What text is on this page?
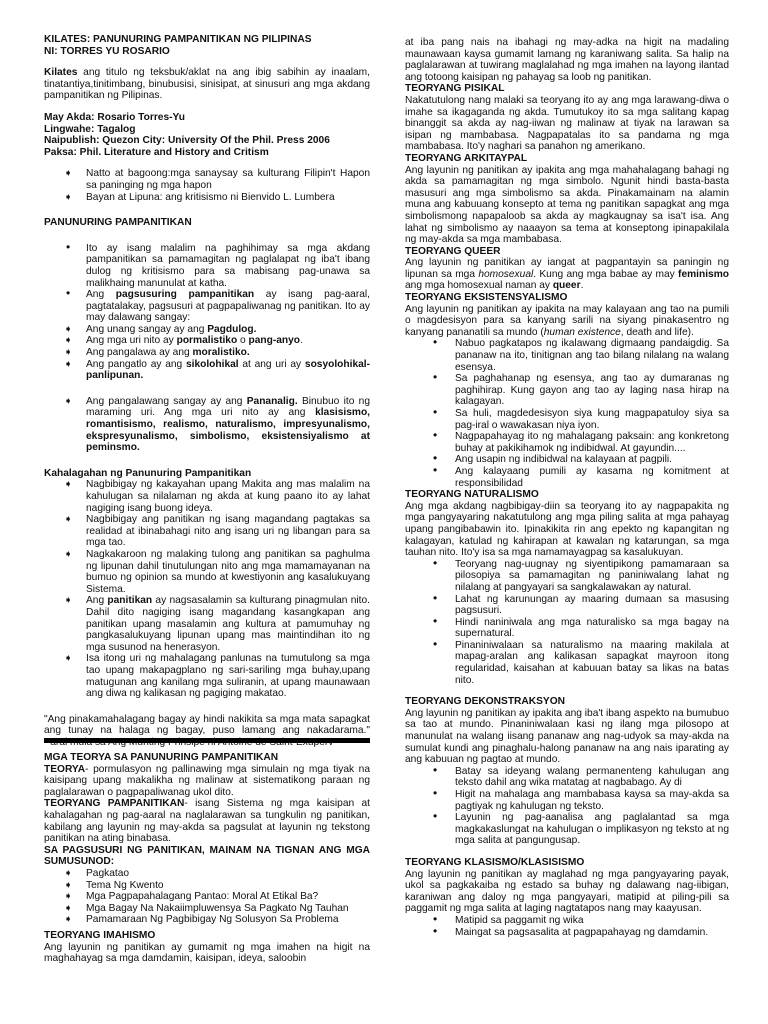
KILATES: PANUNURING PAMPANITIKAN NG PILIPINAS

NI: TORRES YU ROSARIO

Kilates ang titulo ng teksbuk/aklat na ang ibig sabihin ay inaalam, tinatantiya,tinitimbang, binubusisi, sinisipat, at sinusuri ang mga akdang pampanitikan ng Pilipinas.

May Akda: Rosario Torres-Yu

Lingwahe: Tagalog

Naipublish: Quezon City: University Of the Phil. Press 2006

Paksa: Phil. Literature and History and Critism

➧ Natto at bagoong:mga sanaysay sa kulturang Filipin't Hapon sa paninging ng mga hapon
➧ Bayan at Lipuna: ang kritisismo ni Bienvido L. Lumbera

PANUNURING PAMPANITIKAN

• Ito ay isang malalim na paghihimay sa mga akdang pampanitikan sa pamamagitan ng paglalapat ng iba't ibang dulog ng kritisismo para sa mabisang pag-unawa sa malikhaing manunulat at katha.
• Ang pagsusuring pampanitikan ay isang pag-aaral, pagtatalakay, pagsusuri at pagpapaliwanag ng panitikan. Ito ay may dalawang sangay:
➧ Ang unang sangay ay ang Pagdulog.
➧ Ang mga uri nito ay pormalistiko o pang-anyo.
➧ Ang pangalawa ay ang moralistiko.
➧ Ang pangatlo ay ang sikolohikal at ang uri ay sosyolohikal-panlipunan.
➧ Ang pangalawang sangay ay ang Pananalig. Binubuo ito ng maraming uri. Ang mga uri nito ay ang klasisismo, romantisismo, realismo, naturalismo, impresyunalismo, ekspresyunalismo, simbolismo, eksistensiyalismo at peminsmo.

Kahalagahan ng Panunuring Pampanitikan

➧ Nagbibigay ng kakayahan upang Makita ang mas malalim na kahulugan sa nilalaman ng akda at kung paano ito ay lahat nagiging isang buong ideya.
➧ Nagbibigay ang panitikan ng isang magandang pagtakas sa realidad at ibinabahagi nito ang isang uri ng libangan para sa mga tao.
➧ Nagkakaroon ng malaking tulong ang panitikan sa paghulma ng lipunan dahil tinutulungan nito ang mga mamamayanan na bumuo ng opinion sa mundo at kwestiyonin ang kasalukuyang Sistema.
➧ Ang panitikan ay nagsasalamin sa kulturang pinagmulan nito. Dahil dito nagiging isang magandang kasangkapan ang panitikan upang masalamin ang kultura at pamumuhay ng pangkasalukuyang lipunan upang mas maintindihan ito ng mga susunod na henerasyon.
➧ Isa itong uri ng mahalagang panlunas na tumutulong sa mga tao upang makapagplano ng sari-sariling mga buhay,upang matugunan ang kanilang mga suliranin, at upang maunawaan ang diwa ng kalikasan ng pagiging makatao.

"Ang pinakamahalagang bagay ay hindi nakikita sa mga mata sapagkat ang tunay na halaga ng bagay, puso lamang ang nakadarama."

MGA TEORYA SA PANUNURING PAMPANITIKAN

TEORYA- pormulasyon ng pallinawing mga simulain ng mga tiyak na kaisipang upang makalikha ng malinaw at sistematikong paraan ng paglalarawan o pagpapaliwanag ukol dito.

TEORYANG PAMPANITIKAN- isang Sistema ng mga kaisipan at kahalagahan ng pag-aaral na naglalarawan sa tungkulin ng panitikan, kabilang ang layunin ng may-akda sa pagsulat at layunin ng tekstong panitikan na ating binabasa.

SA PAGSUSURI NG PANITIKAN, MAINAM NA TIGNAN ANG MGA SUMUSUNOD:

➧ Pagkatao
➧ Tema Ng Kwento
➧ Mga Pagpapahalagang Pantao: Moral At Etikal Ba?
➧ Mga Bagay Na Nakaiimpluwensya Sa Pagkato Ng Tauhan
➧ Pamamaraan Ng Pagbibigay Ng Solusyon Sa Problema

TEORYANG IMAHISMO

Ang layunin ng panitikan ay gumamit ng mga imahen na higit na maghahayag sa mga damdamin, kaisipan, ideya, saloobin

at iba pang nais na ibahagi ng may-adka na higit na madaling maunawaan kaysa gumamit lamang ng karaniwang salita. Sa halip na paglalarawan at tuwirang maglalahad ng mga imahen na layong ilantad ang totoong kaisipan ng pahayag sa loob ng panitikan.

TEORYANG PISIKAL

Nakatutulong nang malaki sa teoryang ito ay ang mga larawang-diwa o imahe sa ikagaganda ng akda. Tumutukoy ito sa mga salitang kapag binanggit sa akda ay nag-iiwan ng malinaw at tiyak na larawan sa isipan ng mambabasa. Nagpapatalas ito sa pandama ng mga mambabasa. Ito'y naghari sa panahon ng amerikano.

TEORYANG ARKITAYPAL

Ang layunin ng panitikan ay ipakita ang mga mahahalagang bahagi ng akda sa pamamagitan ng mga simbolo. Ngunit hindi basta-basta masusuri ang mga simbolismo sa akda. Pinakamainam na alamin muna ang kabuuang konsepto at tema ng panitikan sapagkat ang mga simbolismong napapaloob sa akda ay magkaugnay sa isa't isa. Ang lahat ng simbolismo ay naaayon sa tema at konseptong ipinapakilala ng may-akda sa mga mambabasa.

TEORYANG QUEER

Ang layunin ng panitikan ay iangat at pagpantayin sa paningin ng lipunan sa mga homosexual. Kung ang mga babae ay may feminismo ang mga homosexual naman ay queer.

TEORYANG EKSISTENSYALISMO

Ang layunin ng panitikan ay ipakita na may kalayaan ang tao na pumili o magdesisyon para sa kanyang sarili na siyang pinakasentro ng kanyang pananatili sa mundo (human existence, death and life).

• Nabuo pagkatapos ng ikalawang digmaang pandaigdig. Sa pananaw na ito, tinitignan ang tao bilang nilalang na walang esensya.
• Sa paghahanap ng esensya, ang tao ay dumaranas ng paghihirap. Kung gayon ang tao ay laging nasa hirap na kalagayan.
• Sa huli, magdedesisyon siya kung magpapatuloy siya sa pag-iral o wawakasan niya iyon.
• Nagpapahayag ito ng mahalagang paksain: ang konkretong buhay at pakikihamok ng indibidwal. At gayundin....
• Ang usapin ng indibidwal na kalayaan at pagpili.
• Ang kalayaang pumili ay kasama ng komitment at responsibilidad

TEORYANG NATURALISMO

Ang mga akdang nagbibigay-diin sa teoryang ito ay nagpapakita ng mga pangyayaring nakatutulong ang mga piling salita at mga pahayag upang pangibabawin ito. Ipinakikita rin ang epekto ng kapangitan ng kalagayan, katulad ng kahirapan at kawalan ng katarungan, sa mga tauhan nito. Ito'y isa sa mga namamayagpag sa kasalukuyan.

• Teoryang nag-uugnay ng siyentipikong pamamaraan sa pilosopiya sa pamamagitan ng paniniwalang lahat ng nilalang at pangyayari sa sangkalawakan ay natural.
• Lahat ng karunungan ay maaring dumaan sa masusing pagsusuri.
• Hindi naniniwala ang mga naturalisko sa mga bagay na supernatural.
• Pinaniniwalaan sa naturalismo na maaring makilala at mapag-aralan ang kalikasan sapagkat mayroon itong regularidad, kaisahan at kabuuan batay sa likas na batas nito.

TEORYANG DEKONSTRAKSYON

Ang layunin ng panitikan ay ipakita ang iba't ibang aspekto na bumubuo sa tao at mundo. Pinaniniwalaan kasi ng ilang mga pilosopo at manunulat na walang iisang pananaw ang nag-udyok sa may-akda na sumulat kundi ang pinaghalu-halong pananaw na ang nais iparating ay ang kabuuan ng pagtao at mundo.

• Batay sa ideyang walang permanenteng kahulugan ang teksto dahil ang wika matatag at nagbabago. Ay di
• Higit na mahalaga ang mambabasa kaysa sa may-akda sa pagtiyak ng kahulugan ng teksto.
• Layunin ng pag-aanalisa ang paglalantad sa mga magkakaslungat na kahulugan o implikasyon ng teksto at ng mga salita at pangungusap.

TEORYANG KLASISMO/KLASISISMO

Ang layunin ng panitikan ay maglahad ng mga pangyayaring payak, ukol sa pagkakaiba ng estado sa buhay ng dalawang nag-iibigan, karaniwan ang daloy ng mga pangyayari, matipid at piling-pili sa paggamit ng mga salita at laging nagtatapos nang may kaayusan.

• Matipid sa paggamit ng wika
• Maingat sa pagsasalita at pagpapahayag ng damdamin.
